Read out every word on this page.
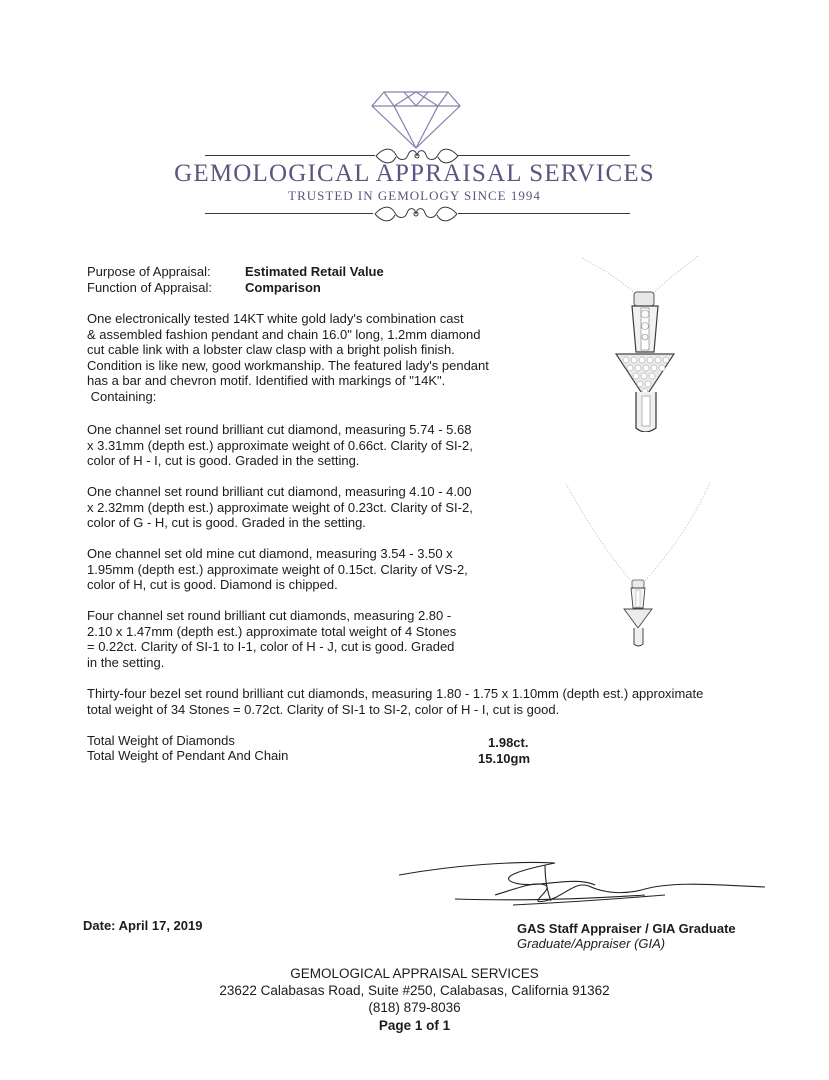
GEMOLOGICAL APPRAISAL SERVICES
TRUSTED IN GEMOLOGY SINCE 1994
Purpose of Appraisal:	Estimated Retail Value
Function of Appraisal:	Comparison
One electronically tested 14KT white gold lady's combination cast
& assembled fashion pendant and chain 16.0" long, 1.2mm diamond
cut cable link with a lobster claw clasp with a bright polish finish.
Condition is like new, good workmanship. The featured lady's pendant
has a bar and chevron motif. Identified with markings of "14K".
Containing:
One channel set round brilliant cut diamond, measuring 5.74 - 5.68
x 3.31mm (depth est.) approximate weight of 0.66ct. Clarity of SI-2,
color of H - I, cut is good. Graded in the setting.
One channel set round brilliant cut diamond, measuring 4.10 - 4.00
x 2.32mm (depth est.) approximate weight of 0.23ct. Clarity of SI-2,
color of G - H, cut is good. Graded in the setting.
One channel set old mine cut diamond, measuring 3.54 - 3.50 x
1.95mm (depth est.) approximate weight of 0.15ct. Clarity of VS-2,
color of H, cut is good. Diamond is chipped.
Four channel set round brilliant cut diamonds, measuring 2.80 -
2.10 x 1.47mm (depth est.) approximate total weight of 4 Stones
= 0.22ct. Clarity of SI-1 to I-1, color of H - J, cut is good. Graded
in the setting.
Thirty-four bezel set round brilliant cut diamonds, measuring 1.80 - 1.75 x 1.10mm (depth est.) approximate
total weight of 34 Stones = 0.72ct. Clarity of SI-1 to SI-2, color of H - I, cut is good.
Total Weight of Diamonds	1.98ct.
Total Weight of Pendant And Chain	15.10gm
Date: April 17, 2019	GAS Staff Appraiser / GIA Graduate
Graduate/Appraiser (GIA)
GEMOLOGICAL APPRAISAL SERVICES
23622 Calabasas Road, Suite #250, Calabasas, California 91362
(818) 879-8036
Page 1 of 1
